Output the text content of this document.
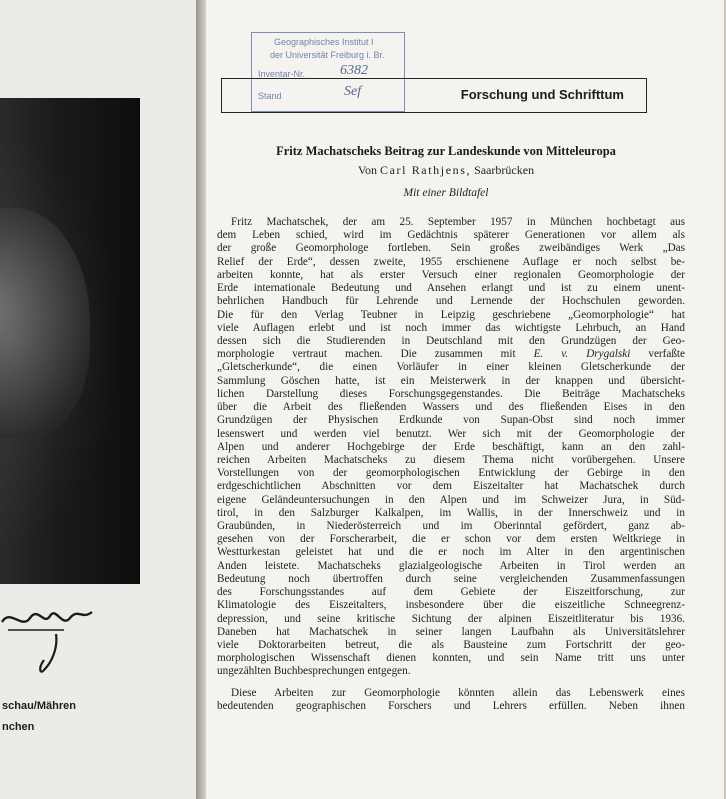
schau/Mähren
nchen
Geographisches Institut I
der Universität Freiburg i. Br.
Inventar-Nr. 6382
Stand	Sef	Forschung und Schrifttum
Fritz Machatscheks Beitrag zur Landeskunde von Mitteleuropa
Von Carl Rathjens, Saarbrücken
Mit einer Bildtafel
Fritz Machatschek, der am 25. September 1957 in München hochbetagt aus
dem Leben schied, wird im Gedächtnis späterer Generationen vor allem als
der große Geomorphologe fortleben. Sein großes zweibändiges Werk „Das
Relief der Erde“, dessen zweite, 1955 erschienene Auflage er noch selbst be-
arbeiten konnte, hat als erster Versuch einer regionalen Geomorphologie der
Erde internationale Bedeutung und Ansehen erlangt und ist zu einem unent-
behrlichen Handbuch für Lehrende und Lernende der Hochschulen geworden.
Die für den Verlag Teubner in Leipzig geschriebene „Geomorphologie“ hat
viele Auflagen erlebt und ist noch immer das wichtigste Lehrbuch, an Hand
dessen sich die Studierenden in Deutschland mit den Grundzügen der Geo-
morphologie vertraut machen. Die zusammen mit E. v. Drygalski verfaßte
„Gletscherkunde“, die einen Vorläufer in einer kleinen Gletscherkunde der
Sammlung Göschen hatte, ist ein Meisterwerk in der knappen und übersicht-
lichen Darstellung dieses Forschungsgegenstandes. Die Beiträge Machatscheks
über die Arbeit des fließenden Wassers und des fließenden Eises in den
Grundzügen der Physischen Erdkunde von Supan-Obst sind noch immer
lesenswert und werden viel benutzt. Wer sich mit der Geomorphologie der
Alpen und anderer Hochgebirge der Erde beschäftigt, kann an den zahl-
reichen Arbeiten Machatscheks zu diesem Thema nicht vorübergehen. Unsere
Vorstellungen von der geomorphologischen Entwicklung der Gebirge in den
erdgeschichtlichen Abschnitten vor dem Eiszeitalter hat Machatschek durch
eigene Geländeuntersuchungen in den Alpen und im Schweizer Jura, in Süd-
tirol, in den Salzburger Kalkalpen, im Wallis, in der Innerschweiz und in
Graubünden, in Niederösterreich und im Oberinntal gefördert, ganz ab-
gesehen von der Forscherarbeit, die er schon vor dem ersten Weltkriege in
Westturkestan geleistet hat und die er noch im Alter in den argentinischen
Anden leistete. Machatscheks glazialgeologische Arbeiten in Tirol werden an
Bedeutung noch übertroffen durch seine vergleichenden Zusammenfassungen
des Forschungsstandes auf dem Gebiete der Eiszeitforschung, zur
Klimatologie des Eiszeitalters, insbesondere über die eiszeitliche Schneegrenz-
depression, und seine kritische Sichtung der alpinen Eiszeitliteratur bis 1936.
Daneben hat Machatschek in seiner langen Laufbahn als Universitätslehrer
viele Doktorarbeiten betreut, die als Bausteine zum Fortschritt der geo-
morphologischen Wissenschaft dienen konnten, und sein Name tritt uns unter
ungezählten Buchbesprechungen entgegen.
Diese Arbeiten zur Geomorphologie könnten allein das Lebenswerk eines
bedeutenden geographischen Forschers und Lehrers erfüllen. Neben ihnen
